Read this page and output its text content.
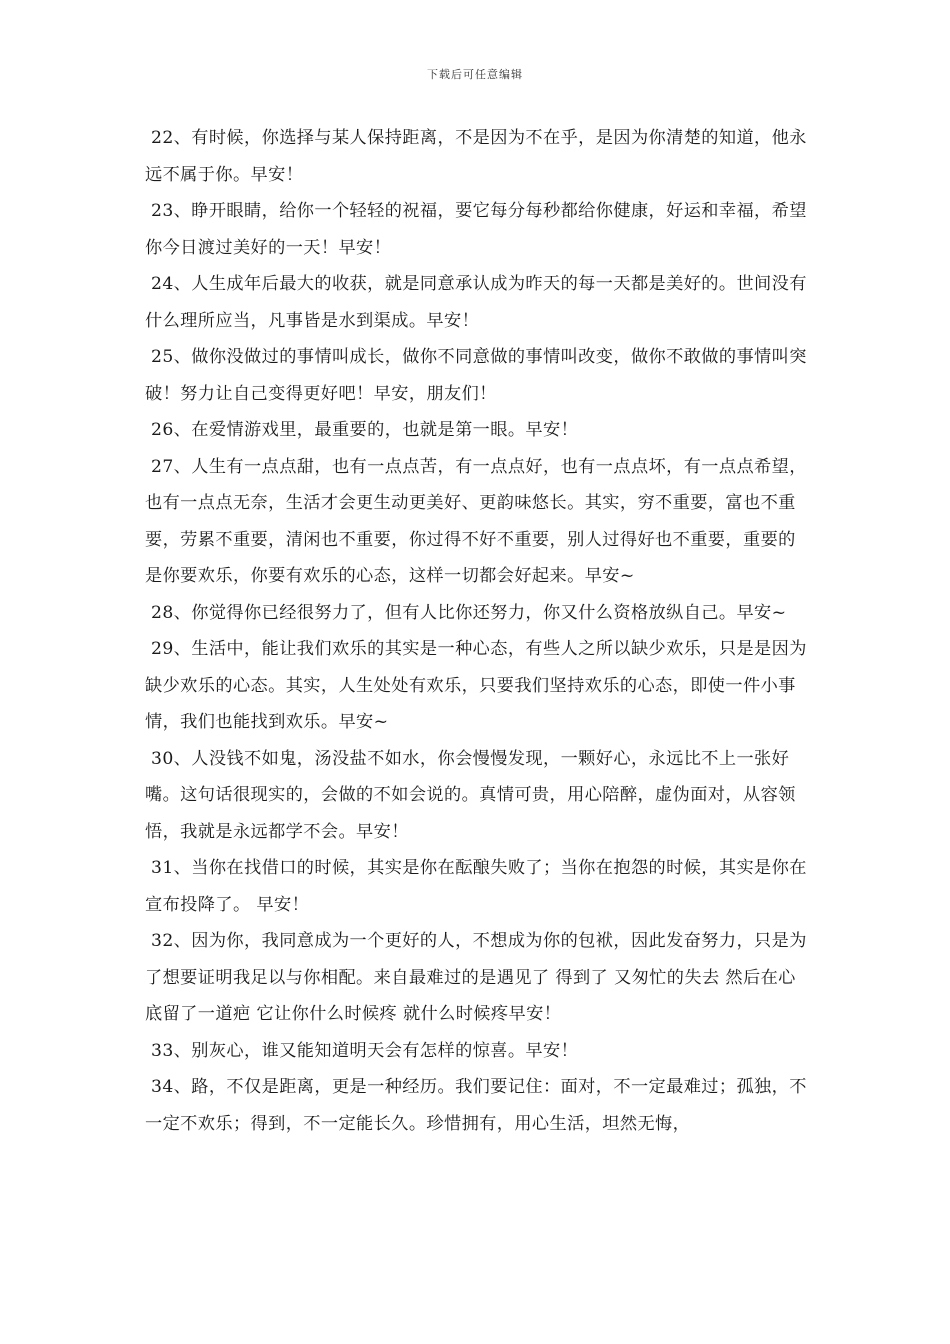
下载后可任意编辑

22、有时候，你选择与某人保持距离，不是因为不在乎，是因为你清楚的知道，他永远不属于你。早安！

23、睁开眼睛，给你一个轻轻的祝福，要它每分每秒都给你健康，好运和幸福，希望你今日渡过美好的一天！早安！

24、人生成年后最大的收获，就是同意承认成为昨天的每一天都是美好的。世间没有什么理所应当，凡事皆是水到渠成。早安！

25、做你没做过的事情叫成长，做你不同意做的事情叫改变，做你不敢做的事情叫突破！努力让自己变得更好吧！早安，朋友们！

26、在爱情游戏里，最重要的，也就是第一眼。早安！

27、人生有一点点甜，也有一点点苦，有一点点好，也有一点点坏，有一点点希望，也有一点点无奈，生活才会更生动更美好、更韵味悠长。其实，穷不重要，富也不重要，劳累不重要，清闲也不重要，你过得不好不重要，别人过得好也不重要，重要的是你要欢乐，你要有欢乐的心态，这样一切都会好起来。早安~

28、你觉得你已经很努力了，但有人比你还努力，你又什么资格放纵自己。早安~

29、生活中，能让我们欢乐的其实是一种心态，有些人之所以缺少欢乐，只是是因为缺少欢乐的心态。其实，人生处处有欢乐，只要我们坚持欢乐的心态，即使一件小事情，我们也能找到欢乐。早安~

30、人没钱不如鬼，汤没盐不如水，你会慢慢发现，一颗好心，永远比不上一张好嘴。这句话很现实的，会做的不如会说的。真情可贵，用心陪醉，虚伪面对，从容领悟，我就是永远都学不会。早安！

31、当你在找借口的时候，其实是你在酝酿失败了；当你在抱怨的时候，其实是你在宣布投降了。 早安！

32、因为你，我同意成为一个更好的人，不想成为你的包袱，因此发奋努力，只是为了想要证明我足以与你相配。来自最难过的是遇见了 得到了 又匆忙的失去 然后在心底留了一道疤 它让你什么时候疼 就什么时候疼早安！

33、别灰心，谁又能知道明天会有怎样的惊喜。早安！

34、路，不仅是距离，更是一种经历。我们要记住：面对，不一定最难过；孤独，不一定不欢乐；得到，不一定能长久。珍惜拥有，用心生活，坦然无悔，
